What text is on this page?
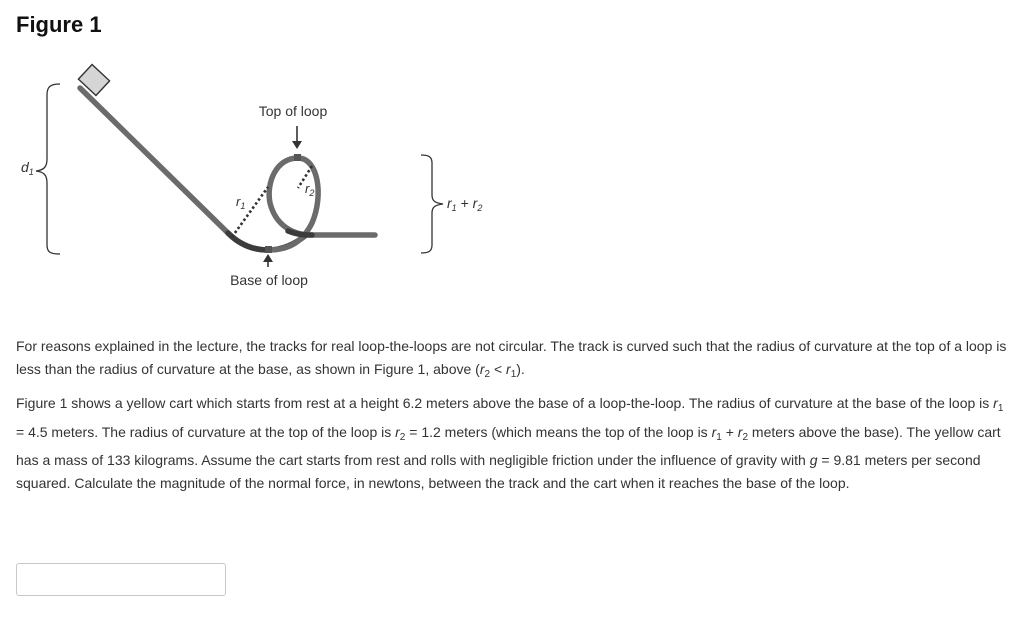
Figure 1
$d_1$
Top of loop
Base of loop
$r_1$
$r_2$
$r_1 + r_2$

For reasons explained in the lecture, the tracks for real loop-the-loops are not circular. The track is curved such that the radius of curvature at the top of a loop is less than the radius of curvature at the base, as shown in Figure 1, above $(r_2 < r_1)$.

Figure 1 shows a yellow cart which starts from rest at a height 6.2 meters above the base of a loop-the-loop. The radius of curvature at the base of the loop is $r_1 = 4.5$ meters. The radius of curvature at the top of the loop is $r_2 = 1.2$ meters (which means the top of the loop is $r_1 + r_2$ meters above the base). The yellow cart has a mass of 133 kilograms. Assume the cart starts from rest and rolls with negligible friction under the influence of gravity with g = 9.81 meters per second squared. Calculate the magnitude of the normal force, in newtons, between the track and the cart when it reaches the base of the loop.
